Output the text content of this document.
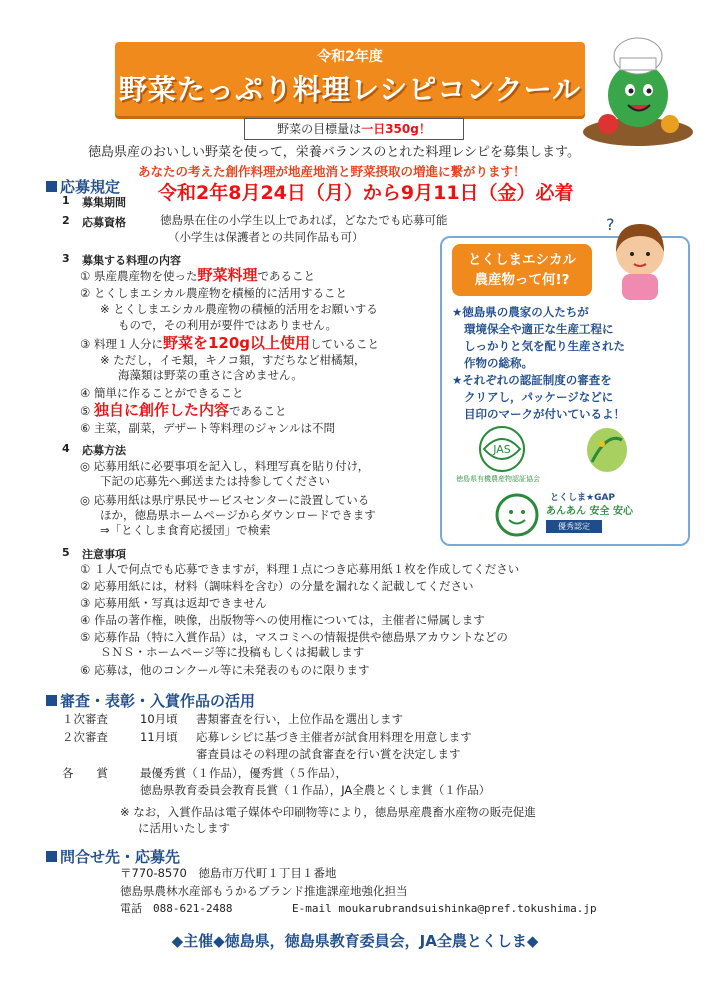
令和2年度
野菜たっぷり料理レシピコンクール
野菜の目標量は一日350g！
徳島県産のおいしい野菜を使って，栄養バランスのとれた料理レシピを募集します。
あなたの考えた創作料理が地産地消と野菜摂取の増進に繋がります！
応募規定
1 募集期間 令和2年8月24日（月）から9月11日（金）必着
2 応募資格	徳島県在住の小学生以上であれば，どなたでも応募可能
（小学生は保護者との共同作品も可）
3 募集する料理の内容
① 県産農産物を使った野菜料理であること
② とくしまエシカル農産物を積極的に活用すること
※ とくしまエシカル農産物の積極的活用をお願いする
もので，その利用が要件ではありません。
③ 料理１人分に野菜を120g以上使用していること
※ ただし，イモ類，キノコ類，すだちなど柑橘類，
海藻類は野菜の重さに含めません。
④ 簡単に作ることができること
⑤ 独自に創作した内容であること
⑥ 主菜，副菜，デザート等料理のジャンルは不問
4 応募方法
◎ 応募用紙に必要事項を記入し，料理写真を貼り付け，
下記の応募先へ郵送または持参してください
◎ 応募用紙は県庁県民サービスセンターに設置している
ほか，徳島県ホームページからダウンロードできます
⇒「とくしま食育応援団」で検索
5 注意事項
① １人で何点でも応募できますが，料理１点につき応募用紙１枚を作成してください
② 応募用紙には，材料（調味料を含む）の分量を漏れなく記載してください
③ 応募用紙・写真は返却できません
④ 作品の著作権，映像，出版物等への使用権については，主催者に帰属します
⑤ 応募作品（特に入賞作品）は，マスコミへの情報提供や徳島県アカウントなどの
ＳＮＳ・ホームページ等に投稿もしくは掲載します
⑥ 応募は，他のコンクール等に未発表のものに限ります
とくしまエシカル
農産物って何!?
?
★徳島県の農家の人たちが
環境保全や適正な生産工程に
しっかりと気を配り生産された
作物の総称。
★それぞれの認証制度の審査を
クリアし，パッケージなどに
目印のマークが付いているよ！
JAS
徳島県有機農産物認証協会
とくしま★GAP
あんあん 安全 安心
優秀認定
審査・表彰・入賞作品の活用
１次審査	10月頃 書類審査を行い，上位作品を選出します
２次審査	11月頃 応募レシピに基づき主催者が試食用料理を用意します
審査員はその料理の試食審査を行い賞を決定します
各　　賞	最優秀賞（１作品），優秀賞（５作品），
徳島県教育委員会教育長賞（１作品），JA全農とくしま賞（１作品）
※ なお，入賞作品は電子媒体や印刷物等により，徳島県産農畜水産物の販売促進
に活用いたします
問合せ先・応募先
〒770-8570　徳島市万代町１丁目１番地
徳島県農林水産部もうかるブランド推進課産地強化担当
電話　088-621-2488	E-mail moukarubrandsuishinka@pref.tokushima.jp
◆主催◆徳島県，徳島県教育委員会，JA全農とくしま◆
